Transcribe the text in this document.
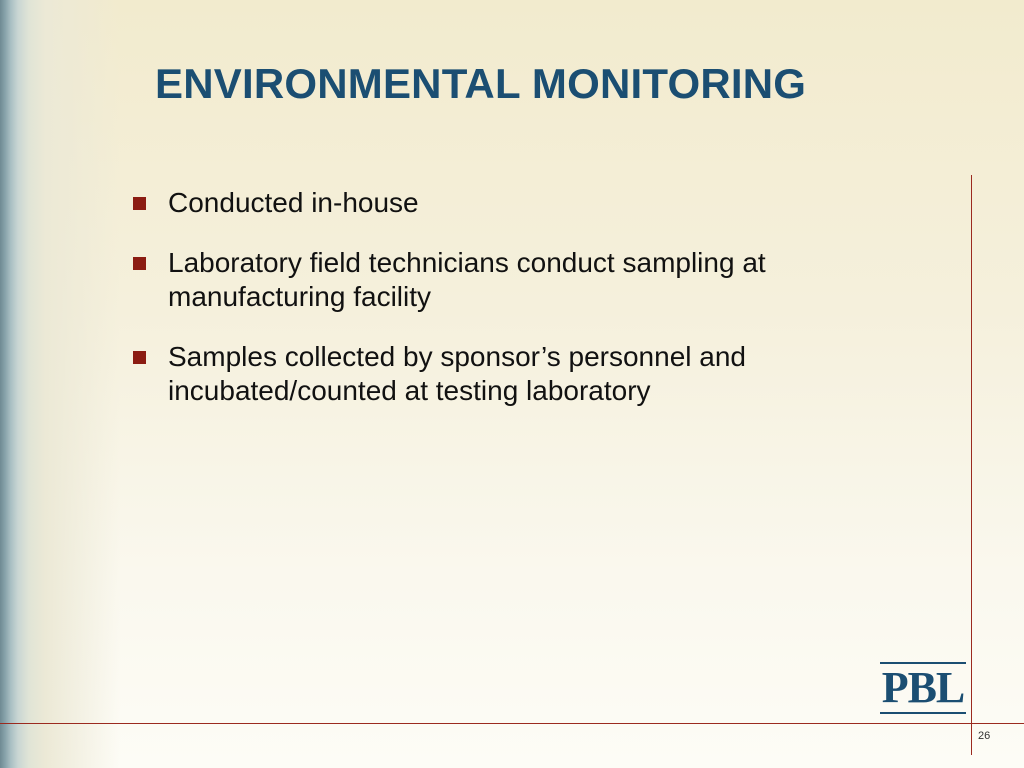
ENVIRONMENTAL MONITORING
Conducted in-house
Laboratory field technicians conduct sampling at manufacturing facility
Samples collected by sponsor’s personnel and incubated/counted at testing laboratory
PBL
26
